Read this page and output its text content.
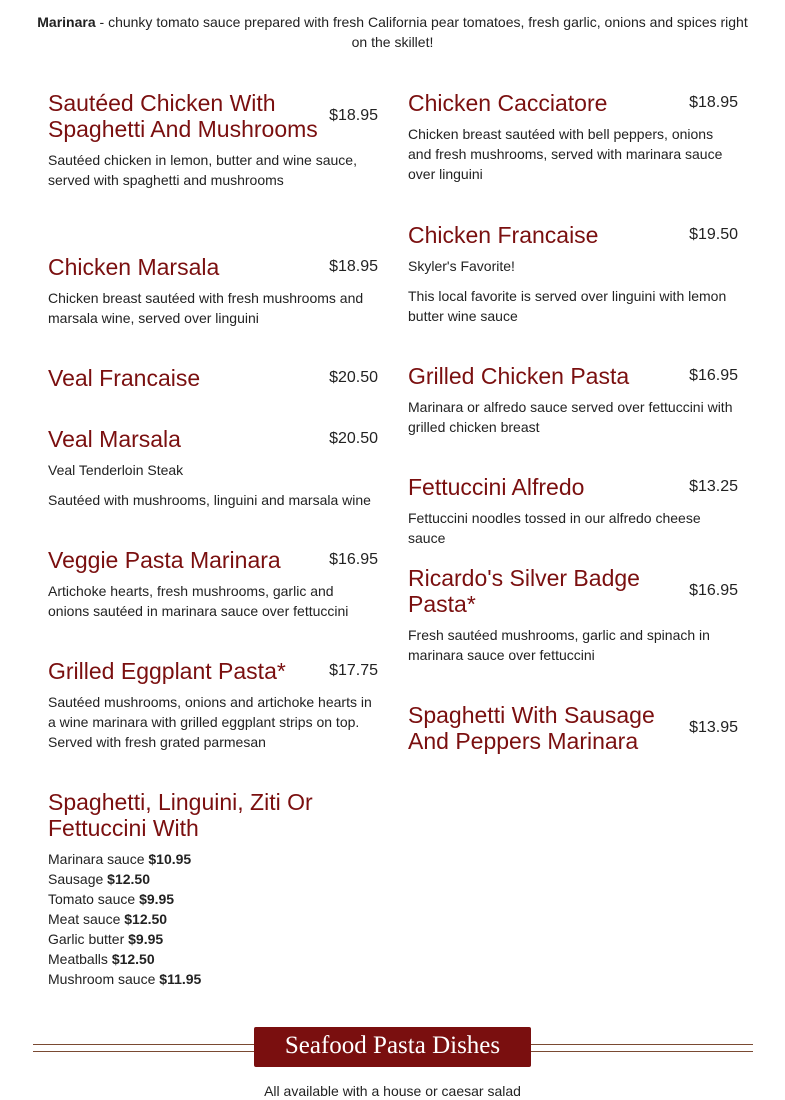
Marinara - chunky tomato sauce prepared with fresh California pear tomatoes, fresh garlic, onions and spices right on the skillet!
Sautéed Chicken With Spaghetti And Mushrooms
$18.95
Sautéed chicken in lemon, butter and wine sauce, served with spaghetti and mushrooms
Chicken Marsala	$18.95
Chicken breast sautéed with fresh mushrooms and marsala wine, served over linguini
Veal Francaise	$20.50
Veal Marsala	$20.50
Veal Tenderloin Steak
Sautéed with mushrooms, linguini and marsala wine
Veggie Pasta Marinara	$16.95
Artichoke hearts, fresh mushrooms, garlic and onions sautéed in marinara sauce over fettuccini
Grilled Eggplant Pasta*	$17.75
Sautéed mushrooms, onions and artichoke hearts in a wine marinara with grilled eggplant strips on top. Served with fresh grated parmesan
Spaghetti, Linguini, Ziti Or Fettuccini With
Marinara sauce $10.95
Sausage $12.50
Tomato sauce $9.95
Meat sauce $12.50
Garlic butter $9.95
Meatballs $12.50
Mushroom sauce $11.95
Chicken Cacciatore	$18.95
Chicken breast sautéed with bell peppers, onions and fresh mushrooms, served with marinara sauce over linguini
Chicken Francaise	$19.50
Skyler's Favorite!
This local favorite is served over linguini with lemon butter wine sauce
Grilled Chicken Pasta	$16.95
Marinara or alfredo sauce served over fettuccini with grilled chicken breast
Fettuccini Alfredo	$13.25
Fettuccini noodles tossed in our alfredo cheese sauce
Ricardo's Silver Badge Pasta*
$16.95
Fresh sautéed mushrooms, garlic and spinach in marinara sauce over fettuccini
Spaghetti With Sausage And Peppers Marinara
$13.95
Seafood Pasta Dishes
All available with a house or caesar salad
